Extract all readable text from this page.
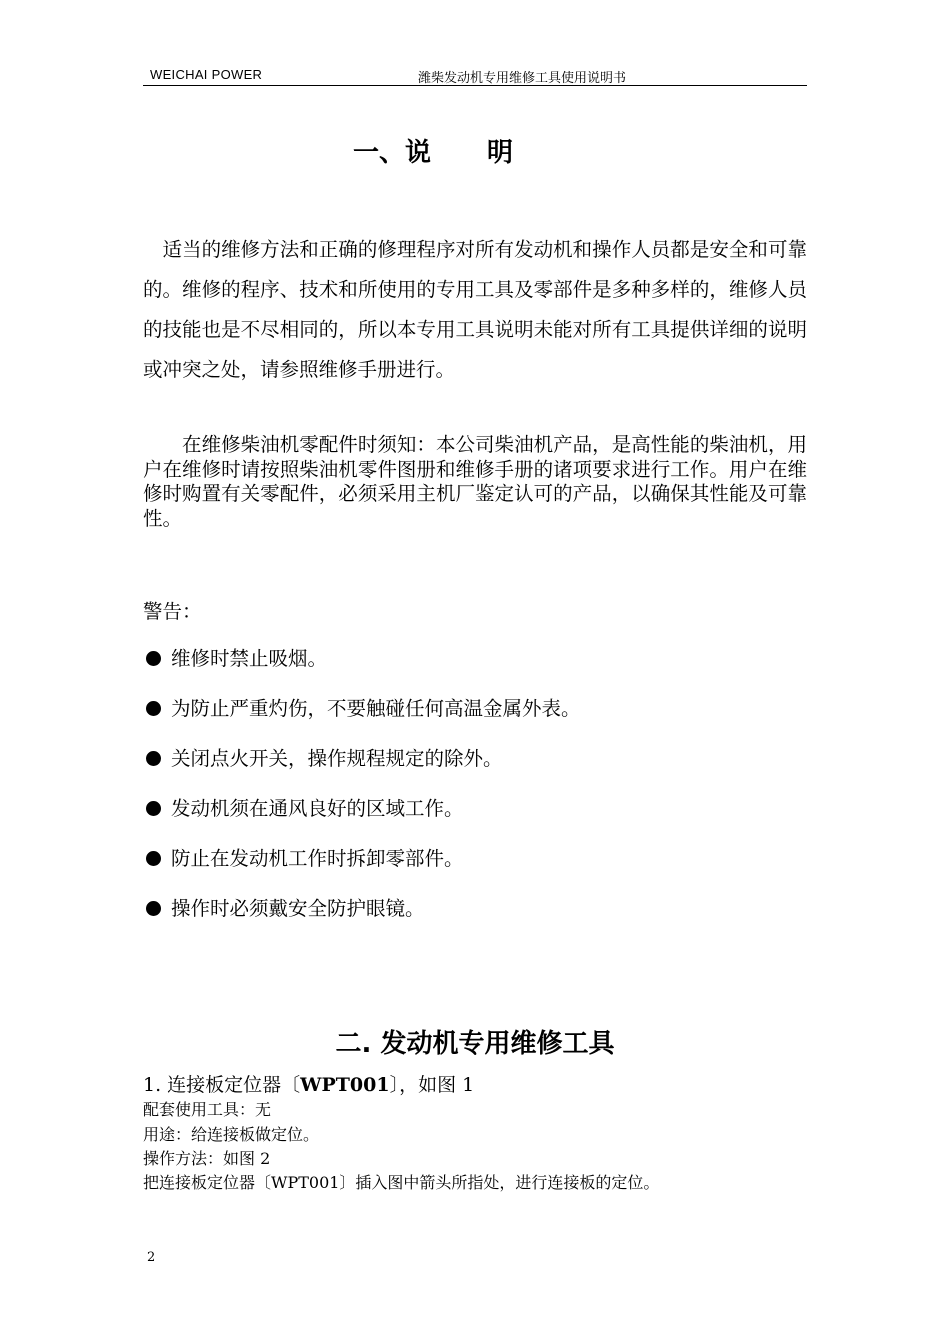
WEICHAI POWER	潍柴发动机专用维修工具使用说明书
一、说 明
　适当的维修方法和正确的修理程序对所有发动机和操作人员都是安全和可靠的。维修的程序、技术和所使用的专用工具及零部件是多种多样的，维修人员的技能也是不尽相同的，所以本专用工具说明未能对所有工具提供详细的说明或冲突之处，请参照维修手册进行。
　　在维修柴油机零配件时须知：本公司柴油机产品，是高性能的柴油机，用户在维修时请按照柴油机零件图册和维修手册的诸项要求进行工作。用户在维修时购置有关零配件，必须采用主机厂鉴定认可的产品，以确保其性能及可靠性。
警告：
维修时禁止吸烟。
为防止严重灼伤，不要触碰任何高温金属外表。
关闭点火开关，操作规程规定的除外。
发动机须在通风良好的区域工作。
防止在发动机工作时拆卸零部件。
操作时必须戴安全防护眼镜。
二. 发动机专用维修工具
1. 连接板定位器〔WPT001〕，如图 1
配套使用工具：无
用途：给连接板做定位。
操作方法：如图 2
把连接板定位器〔WPT001〕插入图中箭头所指处，进行连接板的定位。
2
